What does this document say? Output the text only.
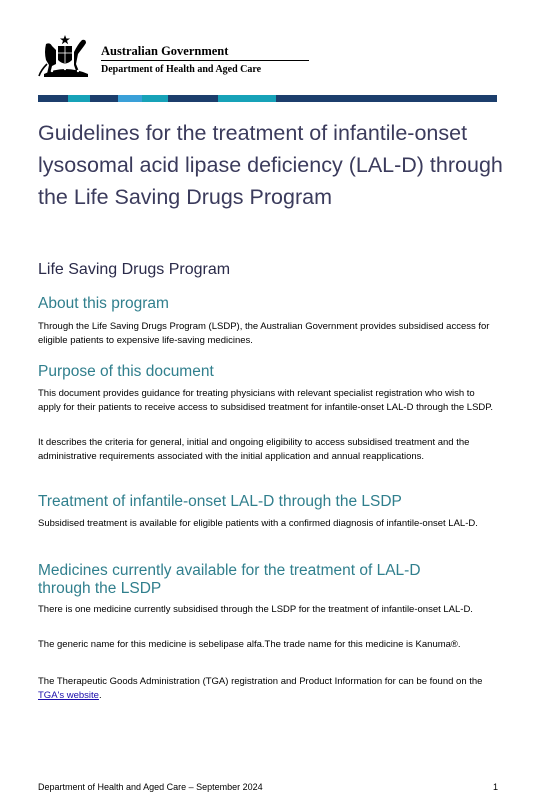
Australian Government
Department of Health and Aged Care
Guidelines for the treatment of infantile-onset lysosomal acid lipase deficiency (LAL-D) through the Life Saving Drugs Program
Life Saving Drugs Program
About this program
Through the Life Saving Drugs Program (LSDP), the Australian Government provides subsidised access for eligible patients to expensive life-saving medicines.
Purpose of this document
This document provides guidance for treating physicians with relevant specialist registration who wish to apply for their patients to receive access to subsidised treatment for infantile-onset LAL-D through the LSDP.
It describes the criteria for general, initial and ongoing eligibility to access subsidised treatment and the administrative requirements associated with the initial application and annual reapplications.
Treatment of infantile-onset LAL-D through the LSDP
Subsidised treatment is available for eligible patients with a confirmed diagnosis of infantile-onset LAL-D.
Medicines currently available for the treatment of LAL-D through the LSDP
There is one medicine currently subsidised through the LSDP for the treatment of infantile-onset LAL-D.
The generic name for this medicine is sebelipase alfa.The trade name for this medicine is Kanuma®.
The Therapeutic Goods Administration (TGA) registration and Product Information for can be found on the TGA's website.
Department of Health and Aged Care – September 2024	1
